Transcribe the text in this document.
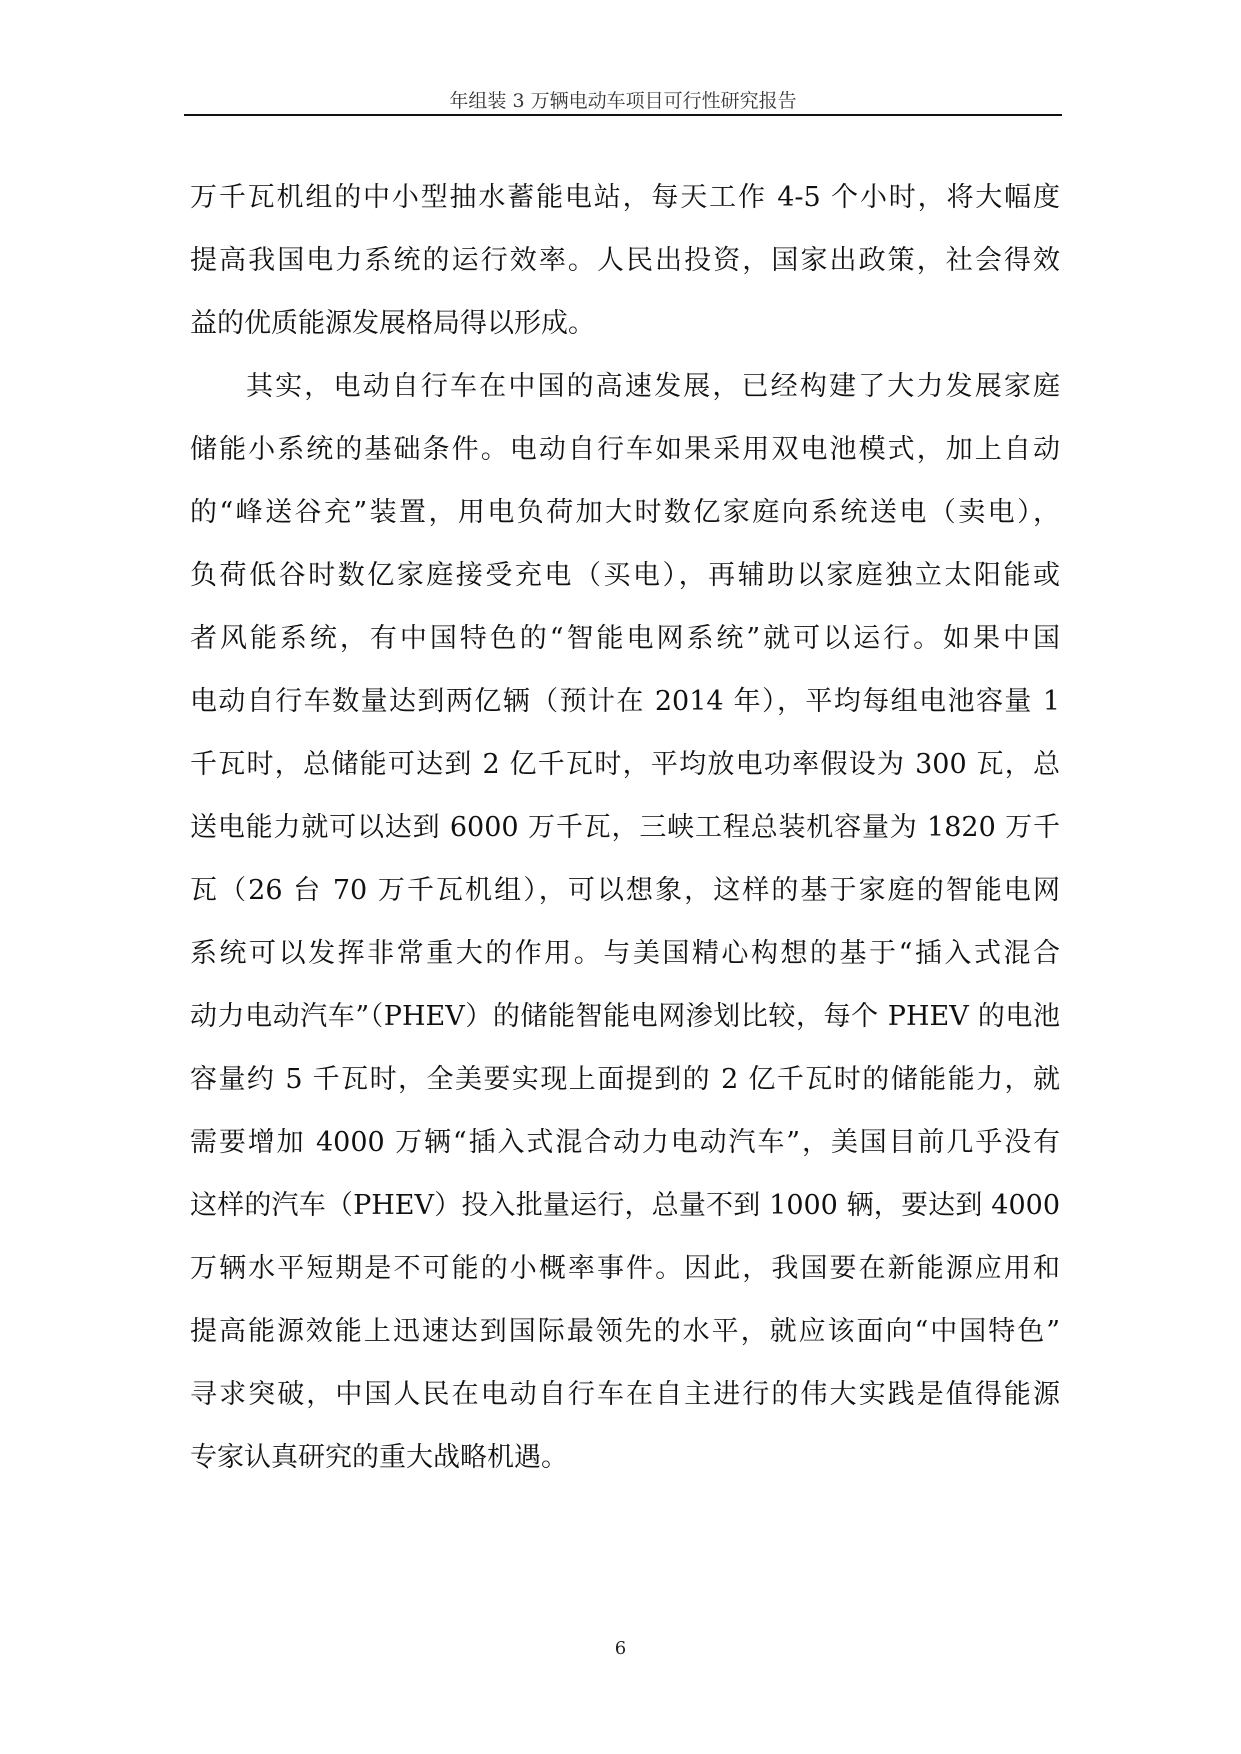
年组装 3 万辆电动车项目可行性研究报告
万千瓦机组的中小型抽水蓄能电站，每天工作 4-5 个小时，将大幅度
提高我国电力系统的运行效率。人民出投资，国家出政策，社会得效
益的优质能源发展格局得以形成。
其实，电动自行车在中国的高速发展，已经构建了大力发展家庭
储能小系统的基础条件。电动自行车如果采用双电池模式，加上自动
的“峰送谷充”装置，用电负荷加大时数亿家庭向系统送电（卖电），
负荷低谷时数亿家庭接受充电（买电），再辅助以家庭独立太阳能或
者风能系统，有中国特色的“智能电网系统”就可以运行。如果中国
电动自行车数量达到两亿辆（预计在 2014 年），平均每组电池容量 1
千瓦时，总储能可达到 2 亿千瓦时，平均放电功率假设为 300 瓦，总
送电能力就可以达到 6000 万千瓦，三峡工程总装机容量为 1820 万千
瓦（26 台 70 万千瓦机组），可以想象，这样的基于家庭的智能电网
系统可以发挥非常重大的作用。与美国精心构想的基于“插入式混合
动力电动汽车”（PHEV）的储能智能电网渗划比较，每个 PHEV 的电池
容量约 5 千瓦时，全美要实现上面提到的 2 亿千瓦时的储能能力，就
需要增加 4000 万辆“插入式混合动力电动汽车”，美国目前几乎没有
这样的汽车（PHEV）投入批量运行，总量不到 1000 辆，要达到 4000
万辆水平短期是不可能的小概率事件。因此，我国要在新能源应用和
提高能源效能上迅速达到国际最领先的水平，就应该面向“中国特色”
寻求突破，中国人民在电动自行车在自主进行的伟大实践是值得能源
专家认真研究的重大战略机遇。
6
